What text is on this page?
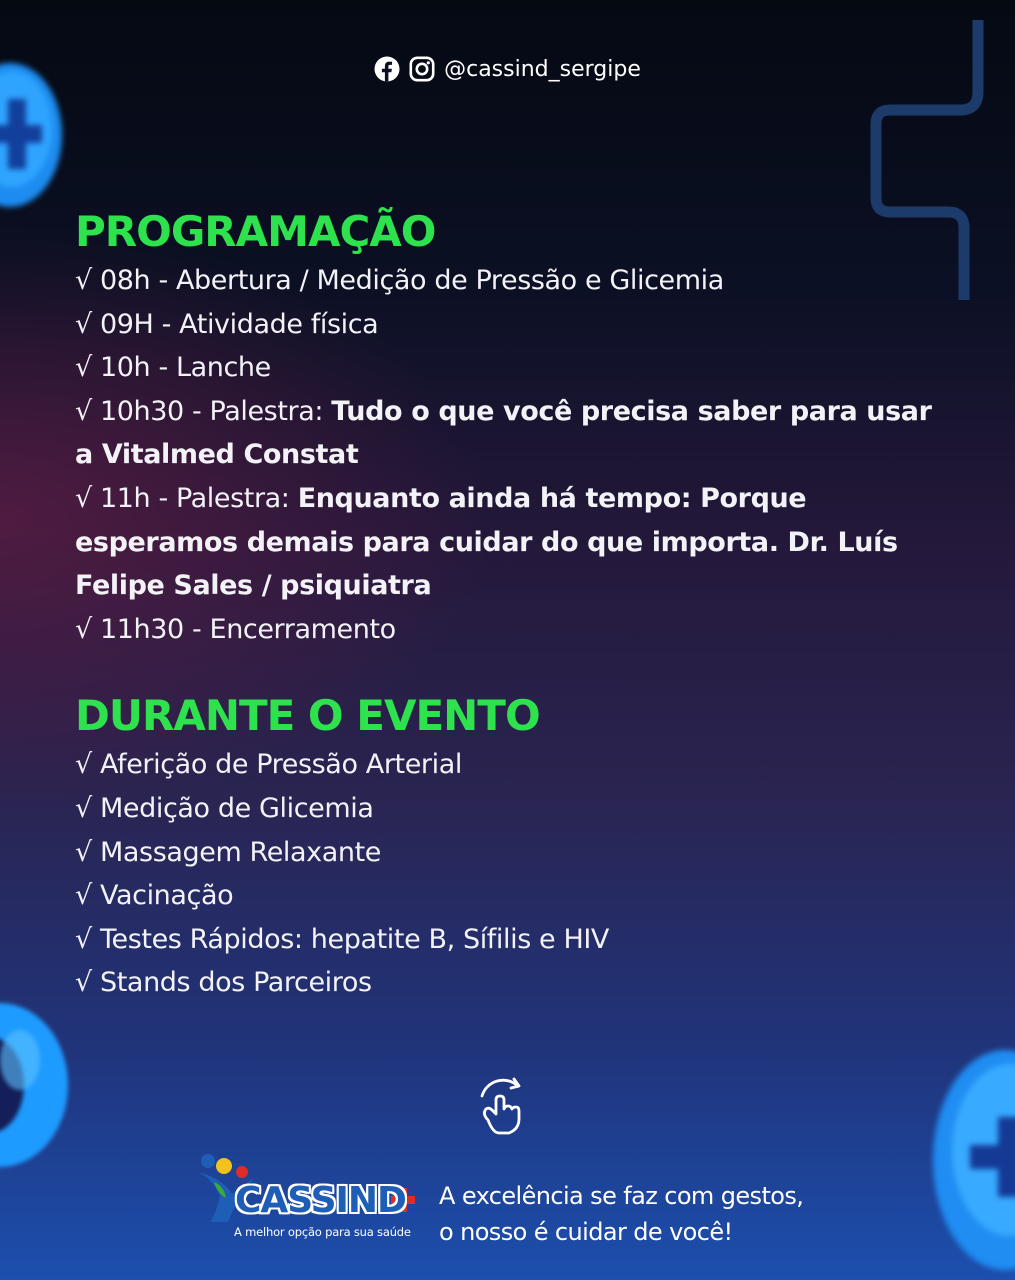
@cassind_sergipe
PROGRAMAÇÃO
√ 08h - Abertura / Medição de Pressão e Glicemia
√ 09H - Atividade física
√ 10h - Lanche
√ 10h30 - Palestra: Tudo o que você precisa saber para usar a Vitalmed Constat
√ 11h - Palestra: Enquanto ainda há tempo: Porque esperamos demais para cuidar do que importa. Dr. Luís Felipe Sales / psiquiatra
√ 11h30 - Encerramento
DURANTE O EVENTO
√ Aferição de Pressão Arterial
√ Medição de Glicemia
√ Massagem Relaxante
√ Vacinação
√ Testes Rápidos: hepatite B, Sífilis e HIV
√ Stands dos Parceiros
CASSIND
A melhor opção para sua saúde
A excelência se faz com gestos,
o nosso é cuidar de você!
